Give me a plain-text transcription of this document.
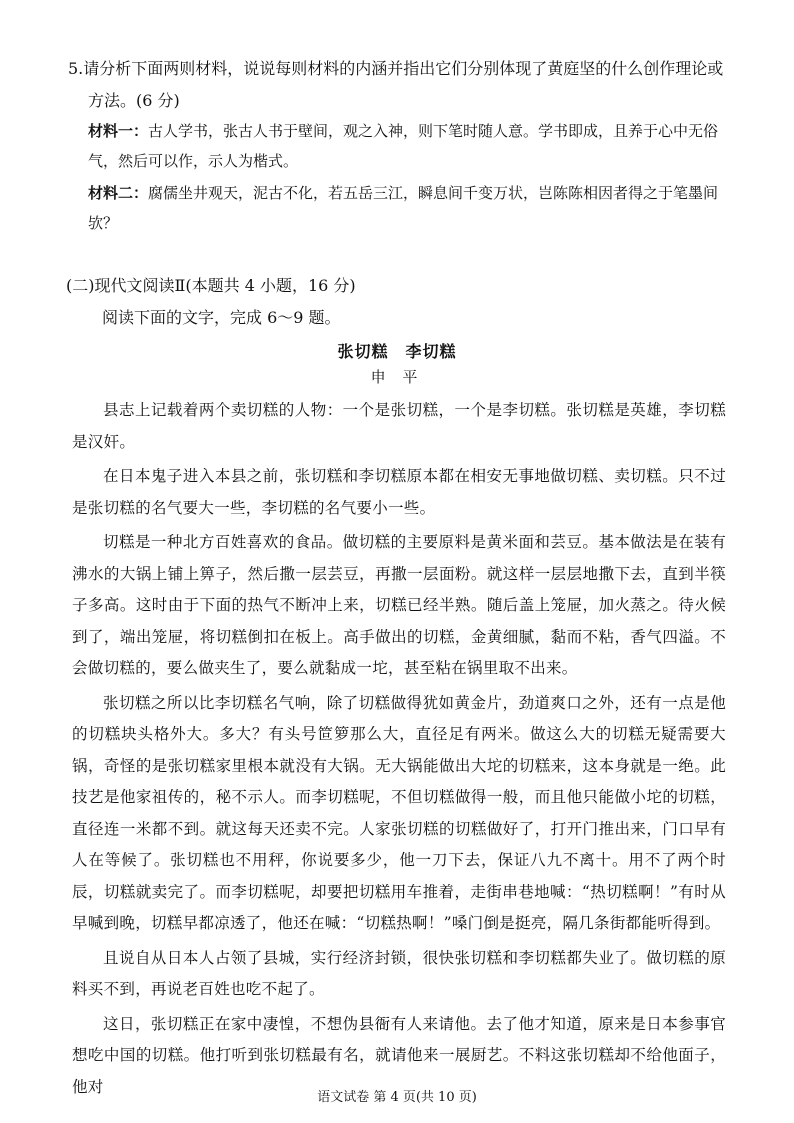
5.请分析下面两则材料，说说每则材料的内涵并指出它们分别体现了黄庭坚的什么创作理论或
方法。(6 分)
材料一：古人学书，张古人书于壁间，观之入神，则下笔时随人意。学书即成，且养于心中无俗气，然后可以作，示人为楷式。
材料二：腐儒坐井观天，泥古不化，若五岳三江，瞬息间千变万状，岂陈陈相因者得之于笔墨间欤？
(二)现代文阅读Ⅱ(本题共 4 小题，16 分)
阅读下面的文字，完成 6～9 题。
张切糕　李切糕
申 平

县志上记载着两个卖切糕的人物：一个是张切糕，一个是李切糕。张切糕是英雄，李切糕是汉奸。

在日本鬼子进入本县之前，张切糕和李切糕原本都在相安无事地做切糕、卖切糕。只不过是张切糕的名气要大一些，李切糕的名气要小一些。

切糕是一种北方百姓喜欢的食品。做切糕的主要原料是黄米面和芸豆。基本做法是在装有沸水的大锅上铺上箅子，然后撒一层芸豆，再撒一层面粉。就这样一层层地撒下去，直到半筷子多高。这时由于下面的热气不断冲上来，切糕已经半熟。随后盖上笼屉，加火蒸之。待火候到了，端出笼屉，将切糕倒扣在板上。高手做出的切糕，金黄细腻，黏而不粘，香气四溢。不会做切糕的，要么做夹生了，要么就黏成一坨，甚至粘在锅里取不出来。

张切糕之所以比李切糕名气响，除了切糕做得犹如黄金片，劲道爽口之外，还有一点是他的切糕块头格外大。多大？有头号笸箩那么大，直径足有两米。做这么大的切糕无疑需要大锅，奇怪的是张切糕家里根本就没有大锅。无大锅能做出大坨的切糕来，这本身就是一绝。此技艺是他家祖传的，秘不示人。而李切糕呢，不但切糕做得一般，而且他只能做小坨的切糕，直径连一米都不到。就这每天还卖不完。人家张切糕的切糕做好了，打开门推出来，门口早有人在等候了。张切糕也不用秤，你说要多少，他一刀下去，保证八九不离十。用不了两个时辰，切糕就卖完了。而李切糕呢，却要把切糕用车推着，走街串巷地喊：“热切糕啊！”有时从早喊到晚，切糕早都凉透了，他还在喊：“切糕热啊！”嗓门倒是挺亮，隔几条街都能听得到。

且说自从日本人占领了县城，实行经济封锁，很快张切糕和李切糕都失业了。做切糕的原料买不到，再说老百姓也吃不起了。

这日，张切糕正在家中凄惶，不想伪县衙有人来请他。去了他才知道，原来是日本参事官想吃中国的切糕。他打听到张切糕最有名，就请他来一展厨艺。不料这张切糕却不给他面子，他对

语文试卷 第 4 页(共 10 页)
